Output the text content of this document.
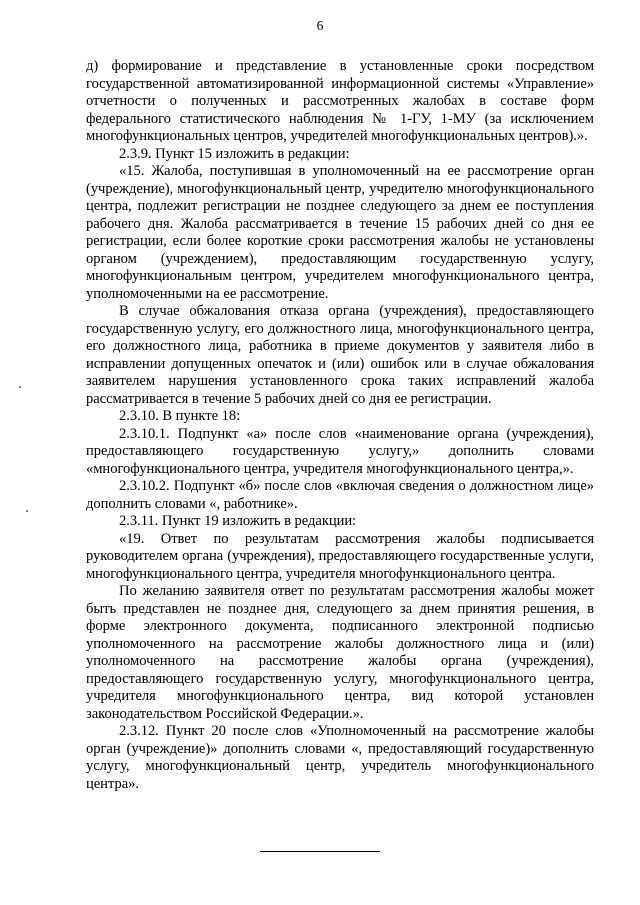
6

д) формирование и представление в установленные сроки посредством государственной автоматизированной информационной системы «Управление» отчетности о полученных и рассмотренных жалобах в составе форм федерального статистического наблюдения № 1-ГУ, 1-МУ (за исключением многофункциональных центров, учредителей многофункциональных центров).».

2.3.9. Пункт 15 изложить в редакции:

«15. Жалоба, поступившая в уполномоченный на ее рассмотрение орган (учреждение), многофункциональный центр, учредителю многофункционального центра, подлежит регистрации не позднее следующего за днем ее поступления рабочего дня. Жалоба рассматривается в течение 15 рабочих дней со дня ее регистрации, если более короткие сроки рассмотрения жалобы не установлены органом (учреждением), предоставляющим государственную услугу, многофункциональным центром, учредителем многофункционального центра, уполномоченными на ее рассмотрение.

В случае обжалования отказа органа (учреждения), предоставляющего государственную услугу, его должностного лица, многофункционального центра, его должностного лица, работника в приеме документов у заявителя либо в исправлении допущенных опечаток и (или) ошибок или в случае обжалования заявителем нарушения установленного срока таких исправлений жалоба рассматривается в течение 5 рабочих дней со дня ее регистрации.

2.3.10. В пункте 18:

2.3.10.1. Подпункт «а» после слов «наименование органа (учреждения), предоставляющего государственную услугу,» дополнить словами «многофункционального центра, учредителя многофункционального центра,».

2.3.10.2. Подпункт «б» после слов «включая сведения о должностном лице» дополнить словами «, работнике».

2.3.11. Пункт 19 изложить в редакции:

«19. Ответ по результатам рассмотрения жалобы подписывается руководителем органа (учреждения), предоставляющего государственные услуги, многофункционального центра, учредителя многофункционального центра.

По желанию заявителя ответ по результатам рассмотрения жалобы может быть представлен не позднее дня, следующего за днем принятия решения, в форме электронного документа, подписанного электронной подписью уполномоченного на рассмотрение жалобы должностного лица и (или) уполномоченного на рассмотрение жалобы органа (учреждения), предоставляющего государственную услугу, многофункционального центра, учредителя многофункционального центра, вид которой установлен законодательством Российской Федерации.».

2.3.12. Пункт 20 после слов «Уполномоченный на рассмотрение жалобы орган (учреждение)» дополнить словами «, предоставляющий государственную услугу, многофункциональный центр, учредитель многофункционального центра».
